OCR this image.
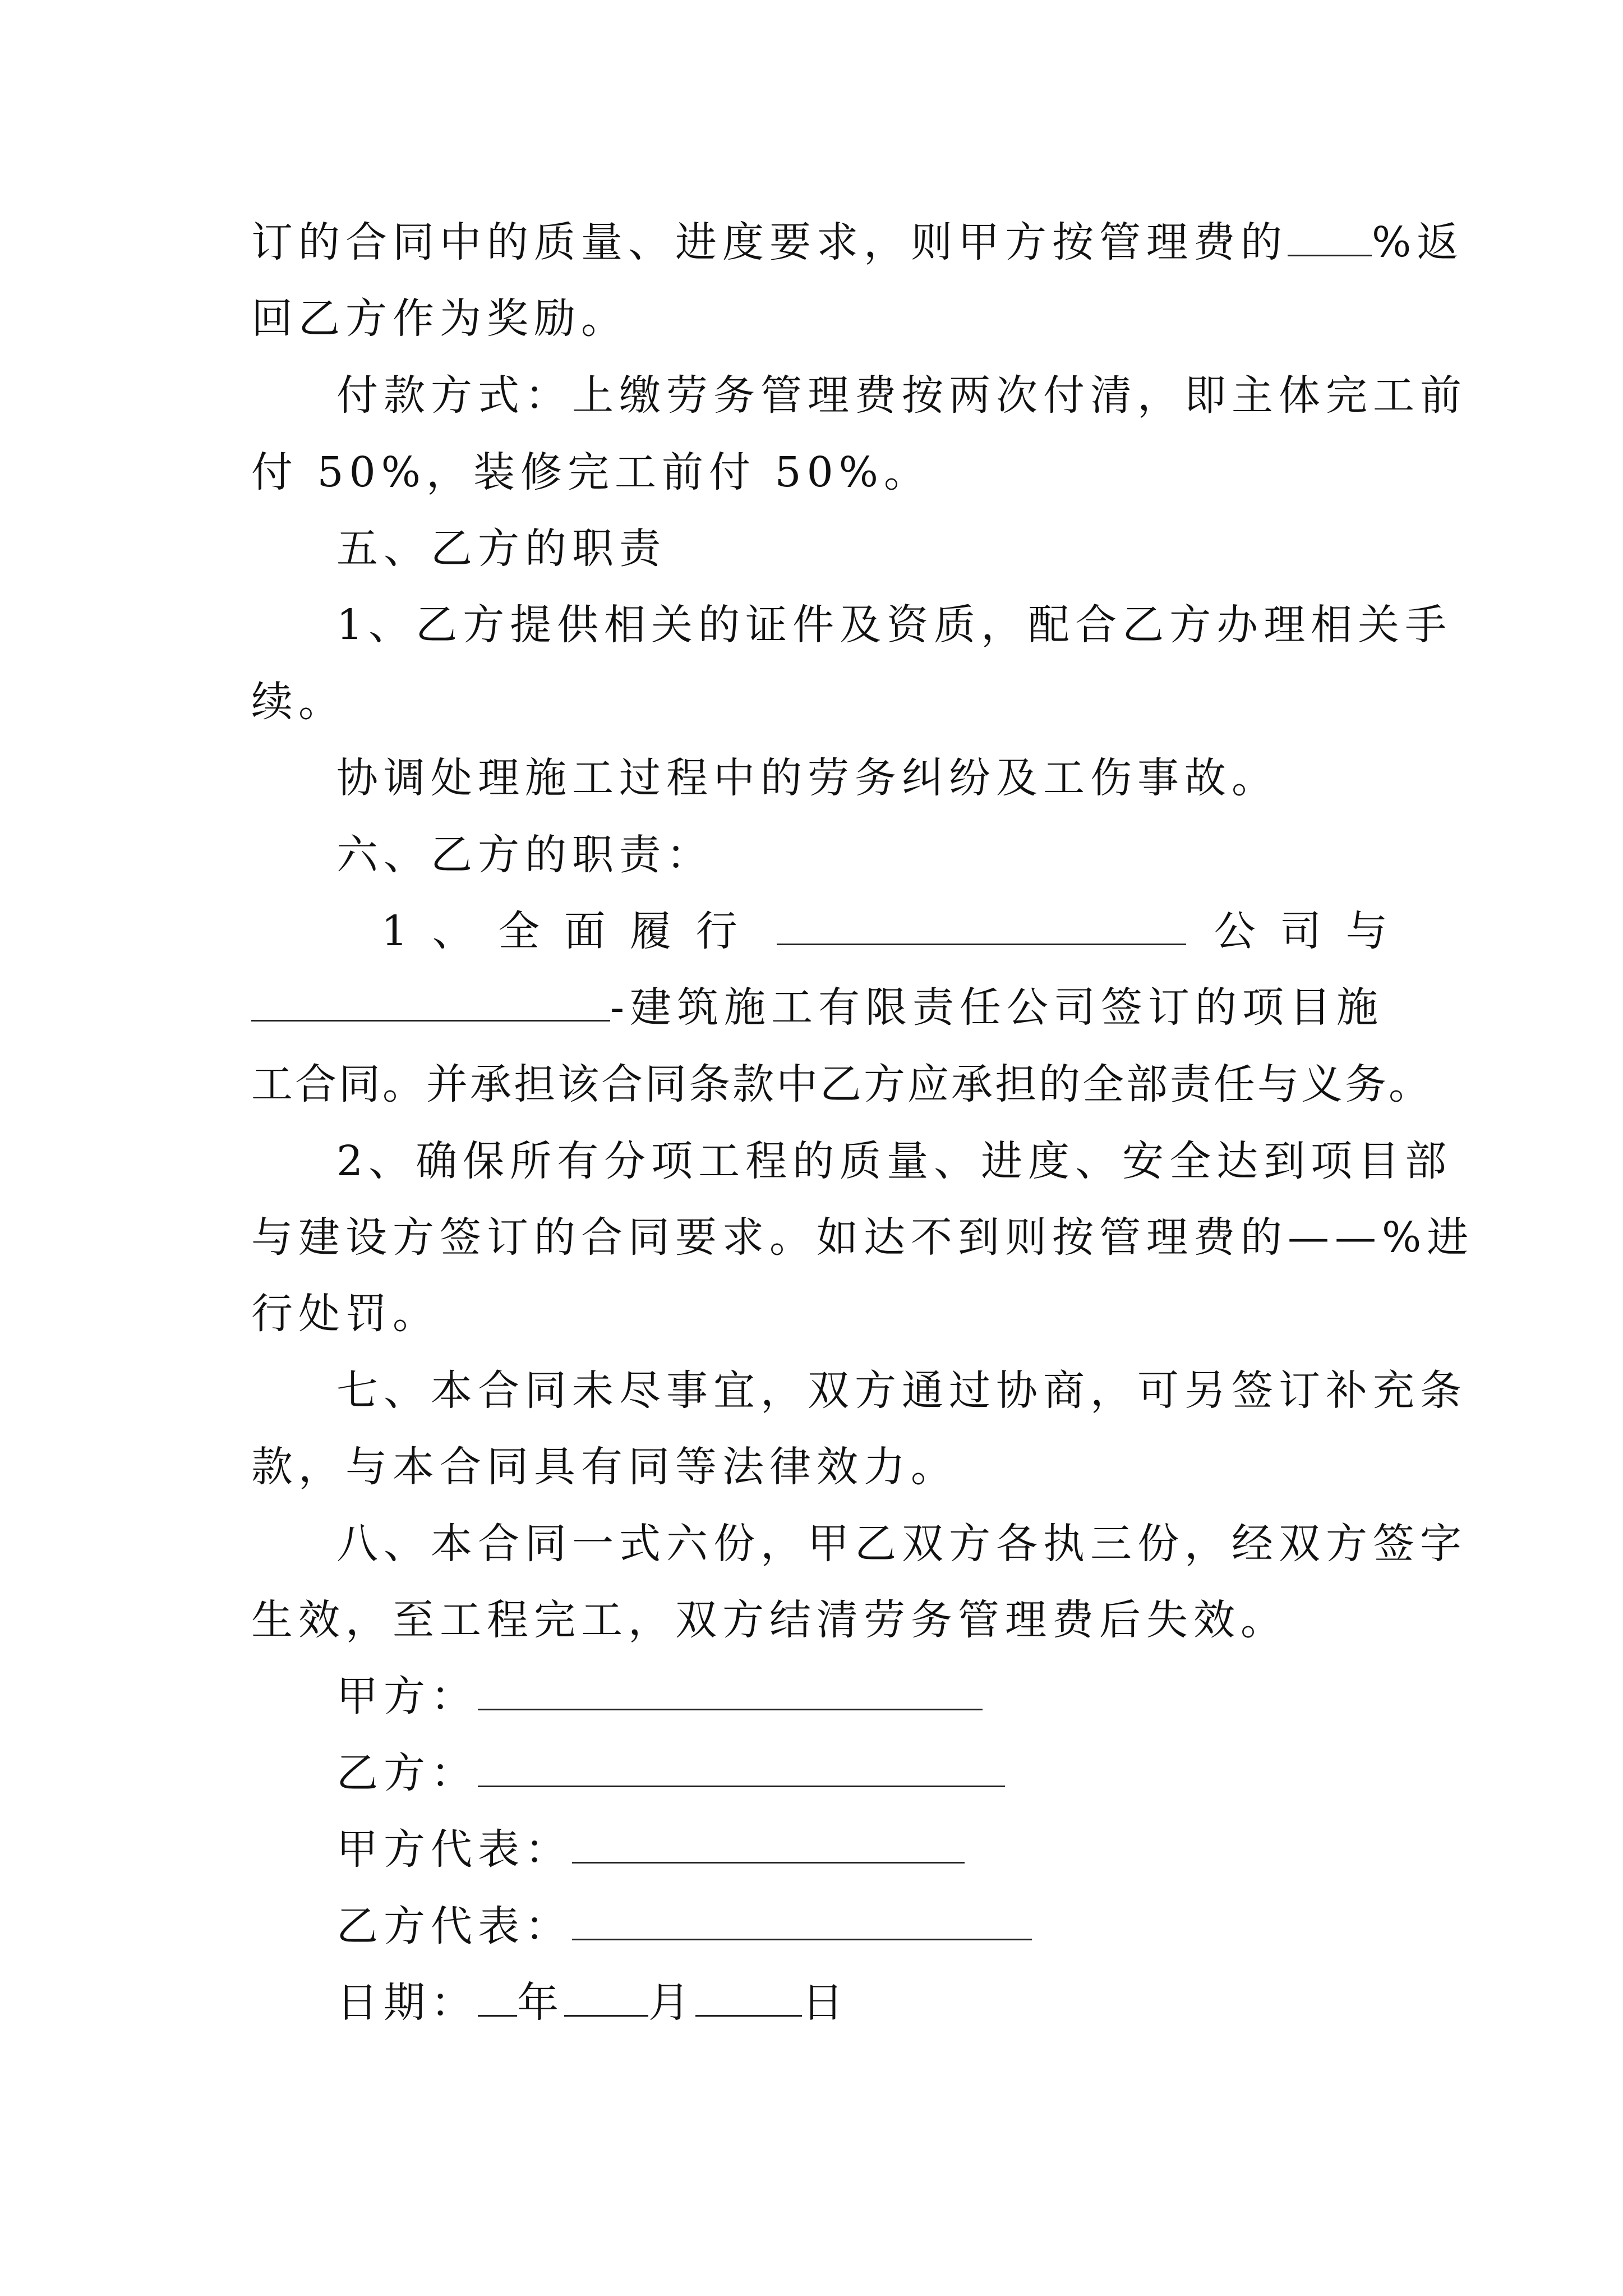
订的合同中的质量、进度要求，则甲方按管理费的 %返
回乙方作为奖励。
付款方式：上缴劳务管理费按两次付清，即主体完工前
付 50%，装修完工前付 50%。
五、乙方的职责
1、乙方提供相关的证件及资质，配合乙方办理相关手
续。
协调处理施工过程中的劳务纠纷及工伤事故。
六、乙方的职责：
1 、 全 面 履 行	公 司 与
-建筑施工有限责任公司签订的项目施
工合同。并承担该合同条款中乙方应承担的全部责任与义务。
2、确保所有分项工程的质量、进度、安全达到项目部
与建设方签订的合同要求。如达不到则按管理费的——%进
行处罚。
七、本合同未尽事宜，双方通过协商，可另签订补充条
款，与本合同具有同等法律效力。
八、本合同一式六份，甲乙双方各执三份，经双方签字
生效，至工程完工，双方结清劳务管理费后失效。
甲方：
乙方：
甲方代表：
乙方代表：
日期： 年 月	日
